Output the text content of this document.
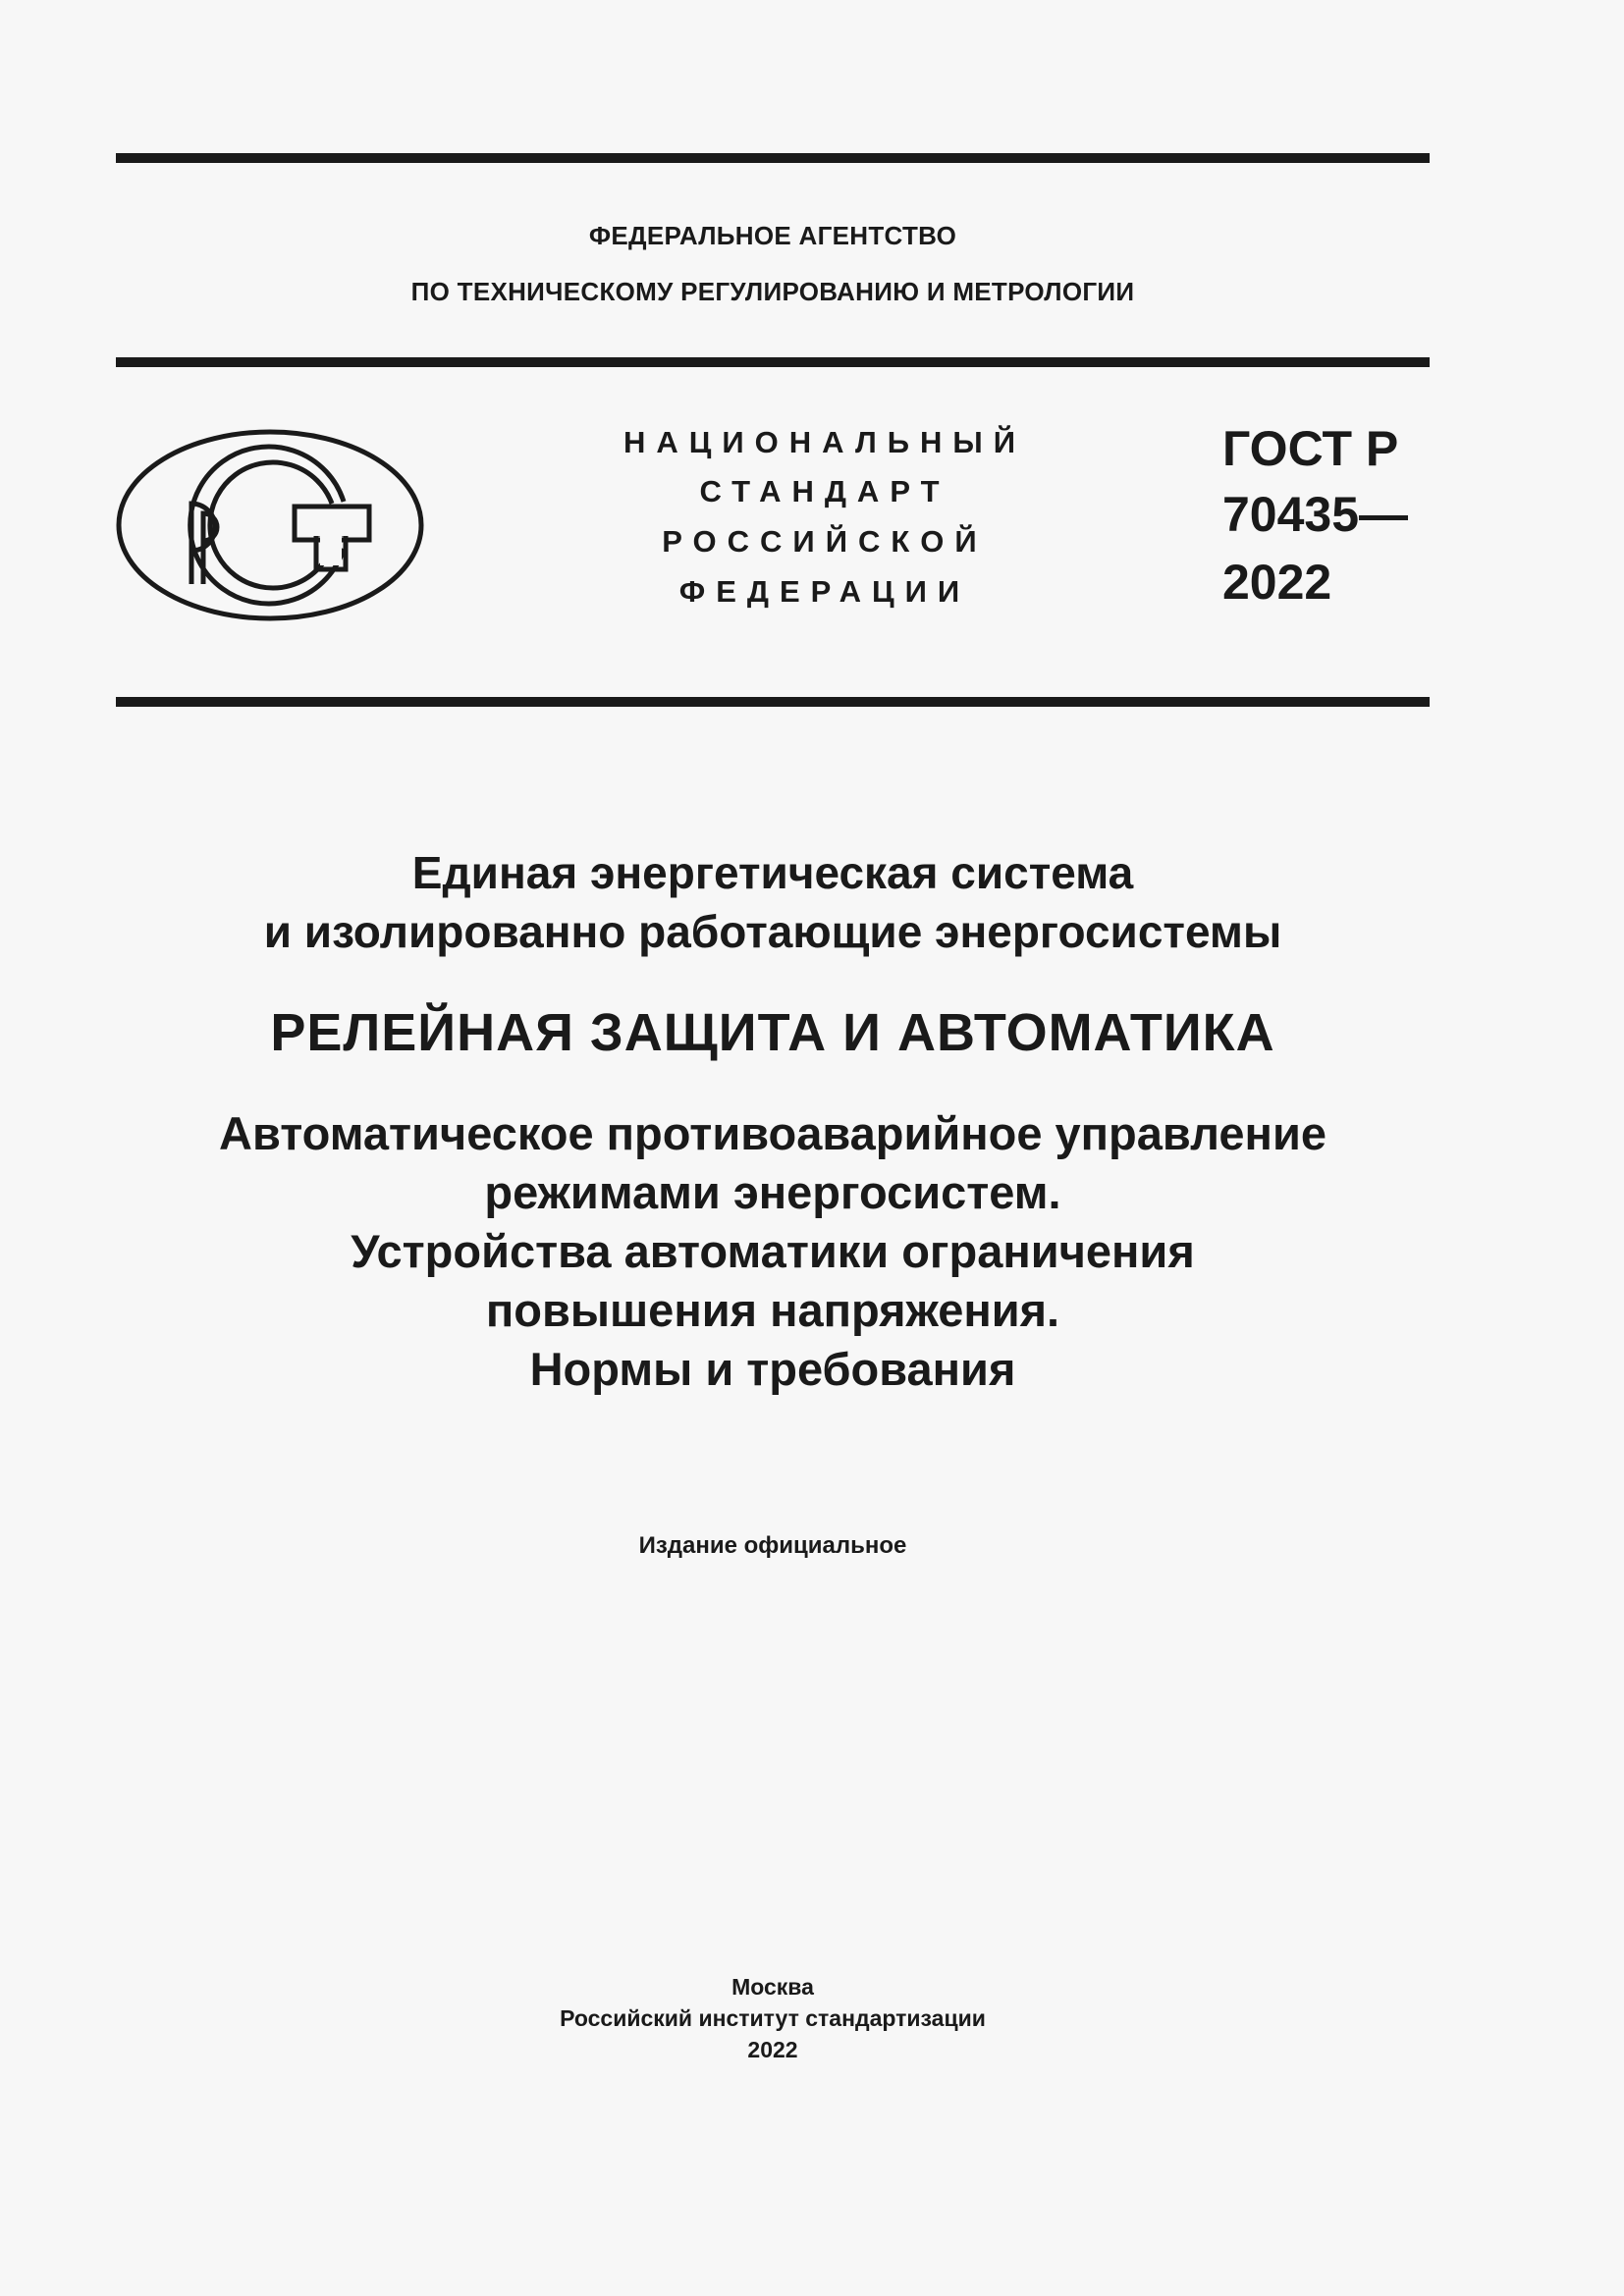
ФЕДЕРАЛЬНОЕ АГЕНТСТВО
ПО ТЕХНИЧЕСКОМУ РЕГУЛИРОВАНИЮ И МЕТРОЛОГИИ
НАЦИОНАЛЬНЫЙ
СТАНДАРТ
РОССИЙСКОЙ
ФЕДЕРАЦИИ
ГОСТ Р
70435—
2022
Единая энергетическая система
и изолированно работающие энергосистемы
РЕЛЕЙНАЯ ЗАЩИТА И АВТОМАТИКА
Автоматическое противоаварийное управление
режимами энергосистем.
Устройства автоматики ограничения
повышения напряжения.
Нормы и требования
Издание официальное
Москва
Российский институт стандартизации
2022
